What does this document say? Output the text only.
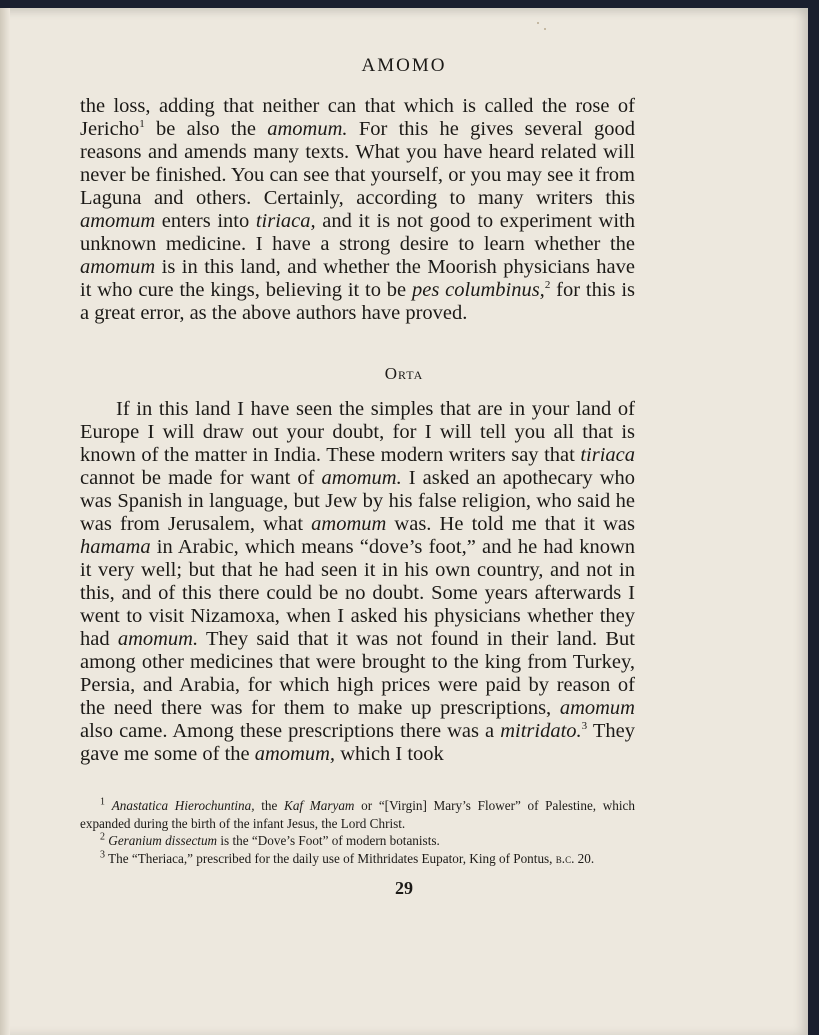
AMOMO
the loss, adding that neither can that which is called the rose of Jericho$^1$ be also the amomum. For this he gives several good reasons and amends many texts. What you have heard related will never be finished. You can see that yourself, or you may see it from Laguna and others. Certainly, according to many writers this amomum enters into tiriaca, and it is not good to experiment with unknown medicine. I have a strong desire to learn whether the amomum is in this land, and whether the Moorish physicians have it who cure the kings, believing it to be pes columbinus,$^2$ for this is a great error, as the above authors have proved.
Orta
If in this land I have seen the simples that are in your land of Europe I will draw out your doubt, for I will tell you all that is known of the matter in India. These modern writers say that tiriaca cannot be made for want of amomum. I asked an apothecary who was Spanish in language, but Jew by his false religion, who said he was from Jerusalem, what amomum was. He told me that it was hamama in Arabic, which means “dove’s foot,” and he had known it very well; but that he had seen it in his own country, and not in this, and of this there could be no doubt. Some years afterwards I went to visit Nizamoxa, when I asked his physicians whether they had amomum. They said that it was not found in their land. But among other medicines that were brought to the king from Turkey, Persia, and Arabia, for which high prices were paid by reason of the need there was for them to make up prescriptions, amomum also came. Among these prescriptions there was a mitridato.$^3$ They gave me some of the amomum, which I took
$^1$ Anastatica Hierochuntina, the Kaf Maryam or “[Virgin] Mary’s Flower” of Palestine, which expanded during the birth of the infant Jesus, the Lord Christ.
$^2$ Geranium dissectum is the “Dove’s Foot” of modern botanists.
$^3$ The “Theriaca,” prescribed for the daily use of Mithridates Eupator, King of Pontus, b.c. 20.
29
